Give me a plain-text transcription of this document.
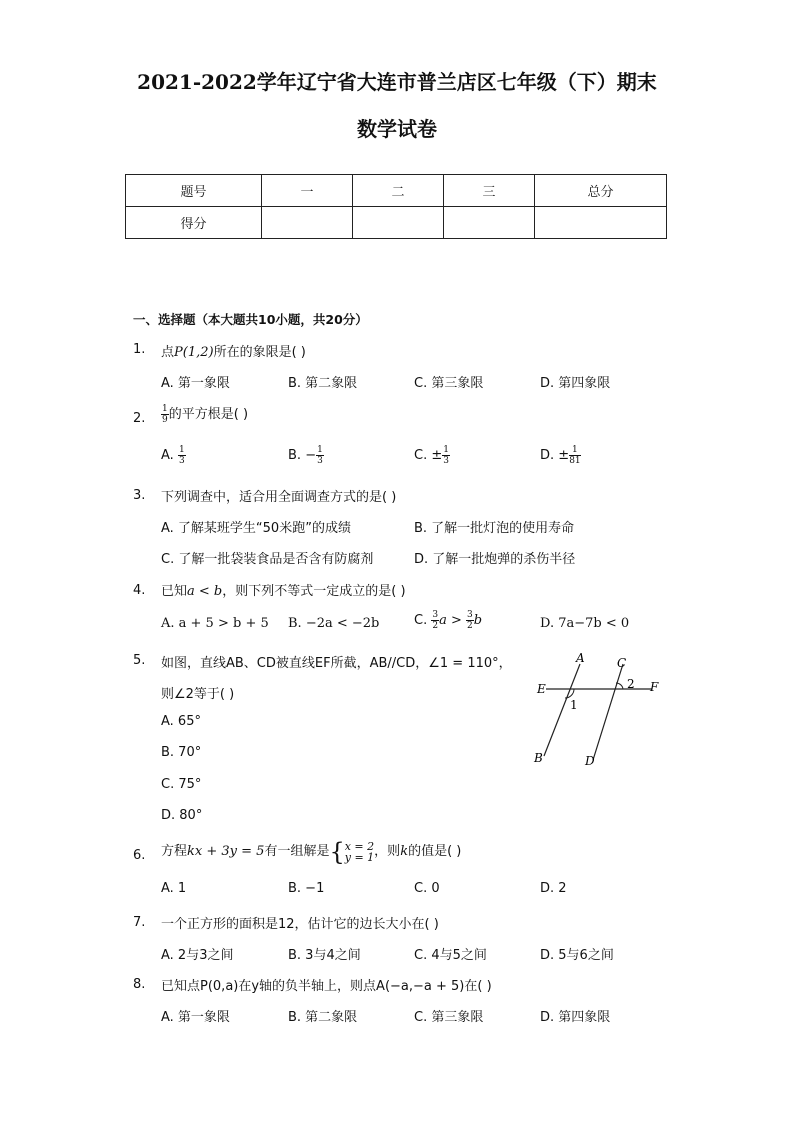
2021-2022学年辽宁省大连市普兰店区七年级（下）期末
数学试卷
题号	一	二	三	总分
得分				
一、选择题（本大题共10小题，共20分）
1. 点P(1,2)所在的象限是( )
A. 第一象限	B. 第二象限	C. 第三象限	D. 第四象限
2. $\frac{1}{9}$ 的平方根是( )
A. $\frac{1}{3}$	B. − $\frac{1}{3}$	C. ± $\frac{1}{3}$	D. ± $\frac{1}{81}$
3. 下列调查中，适合用全面调查方式的是( )
A. 了解某班学生“50米跑”的成绩	B. 了解一批灯泡的使用寿命
C. 了解一批袋装食品是否含有防腐剂	D. 了解一批炮弹的杀伤半径
4. 已知a < b，则下列不等式一定成立的是( )
A. a + 5 > b + 5 B. −2a < −2b	C. $\frac{3}{2}$ $a > \frac{3}{2}$ b	D. 7a−7b < 0
5. 如图，直线AB、CD被直线EF所截，AB//CD，∠1 = 110°，
则∠2等于( )
A. 65°
B. 70°
C. 75°
D. 80°
A	C
E	F
B	D
1
2
6. 方程kx + 3y = 5有一组解是{ x = 2
y = 1 ，则k的值是( )
A. 1	B. −1	C. 0	D. 2
7. 一个正方形的面积是12，估计它的边长大小在( )
A. 2与3之间	B. 3与4之间	C. 4与5之间	D. 5与6之间
8. 已知点P(0,a)在y轴的负半轴上，则点A(−a,−a + 5)在( )
A. 第一象限	B. 第二象限	C. 第三象限	D. 第四象限
